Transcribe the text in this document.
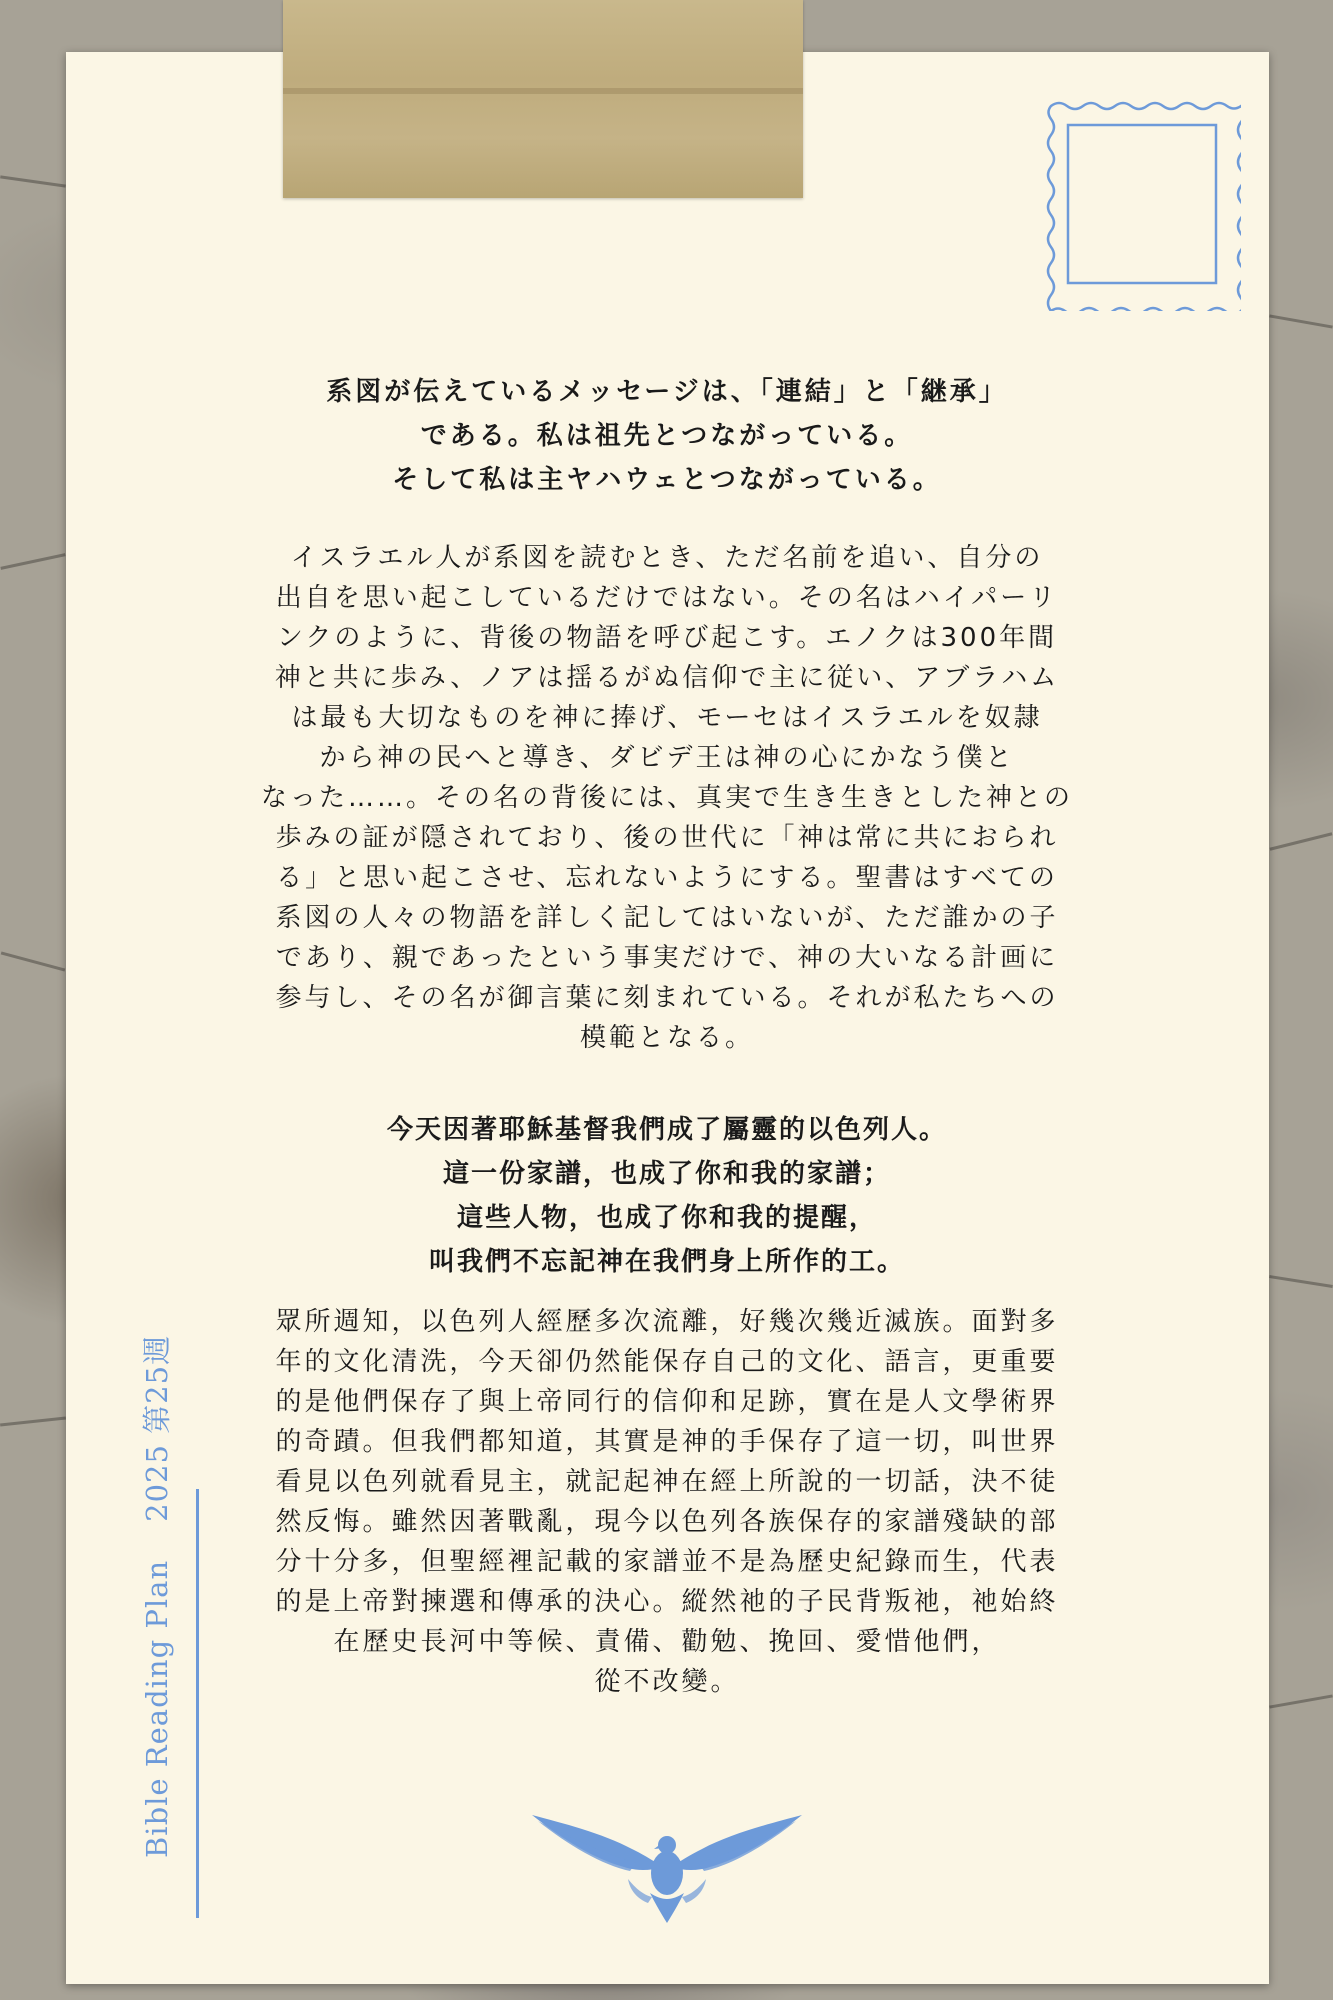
系図が伝えているメッセージは、「連結」と「継承」
である。私は祖先とつながっている。
そして私は主ヤハウェとつながっている。
イスラエル人が系図を読むとき、ただ名前を追い、自分の
出自を思い起こしているだけではない。その名はハイパーリ
ンクのように、背後の物語を呼び起こす。エノクは300年間
神と共に歩み、ノアは揺るがぬ信仰で主に従い、アブラハム
は最も大切なものを神に捧げ、モーセはイスラエルを奴隷
から神の民へと導き、ダビデ王は神の心にかなう僕と
なった……。その名の背後には、真実で生き生きとした神との
歩みの証が隠されており、後の世代に「神は常に共におられ
る」と思い起こさせ、忘れないようにする。聖書はすべての
系図の人々の物語を詳しく記してはいないが、ただ誰かの子
であり、親であったという事実だけで、神の大いなる計画に
参与し、その名が御言葉に刻まれている。それが私たちへの
模範となる。
今天因著耶穌基督我們成了屬靈的以色列人。
這一份家譜，也成了你和我的家譜；
這些人物，也成了你和我的提醒，
叫我們不忘記神在我們身上所作的工。
眾所週知，以色列人經歷多次流離，好幾次幾近滅族。面對多
年的文化清洗，今天卻仍然能保存自己的文化、語言，更重要
的是他們保存了與上帝同行的信仰和足跡，實在是人文學術界
的奇蹟。但我們都知道，其實是神的手保存了這一切，叫世界
看見以色列就看見主，就記起神在經上所說的一切話，決不徒
然反悔。雖然因著戰亂，現今以色列各族保存的家譜殘缺的部
分十分多，但聖經裡記載的家譜並不是為歷史紀錄而生，代表
的是上帝對揀選和傳承的決心。縱然祂的子民背叛祂，祂始終
在歷史長河中等候、責備、勸勉、挽回、愛惜他們，
從不改變。
Bible Reading Plan2025 第25週
